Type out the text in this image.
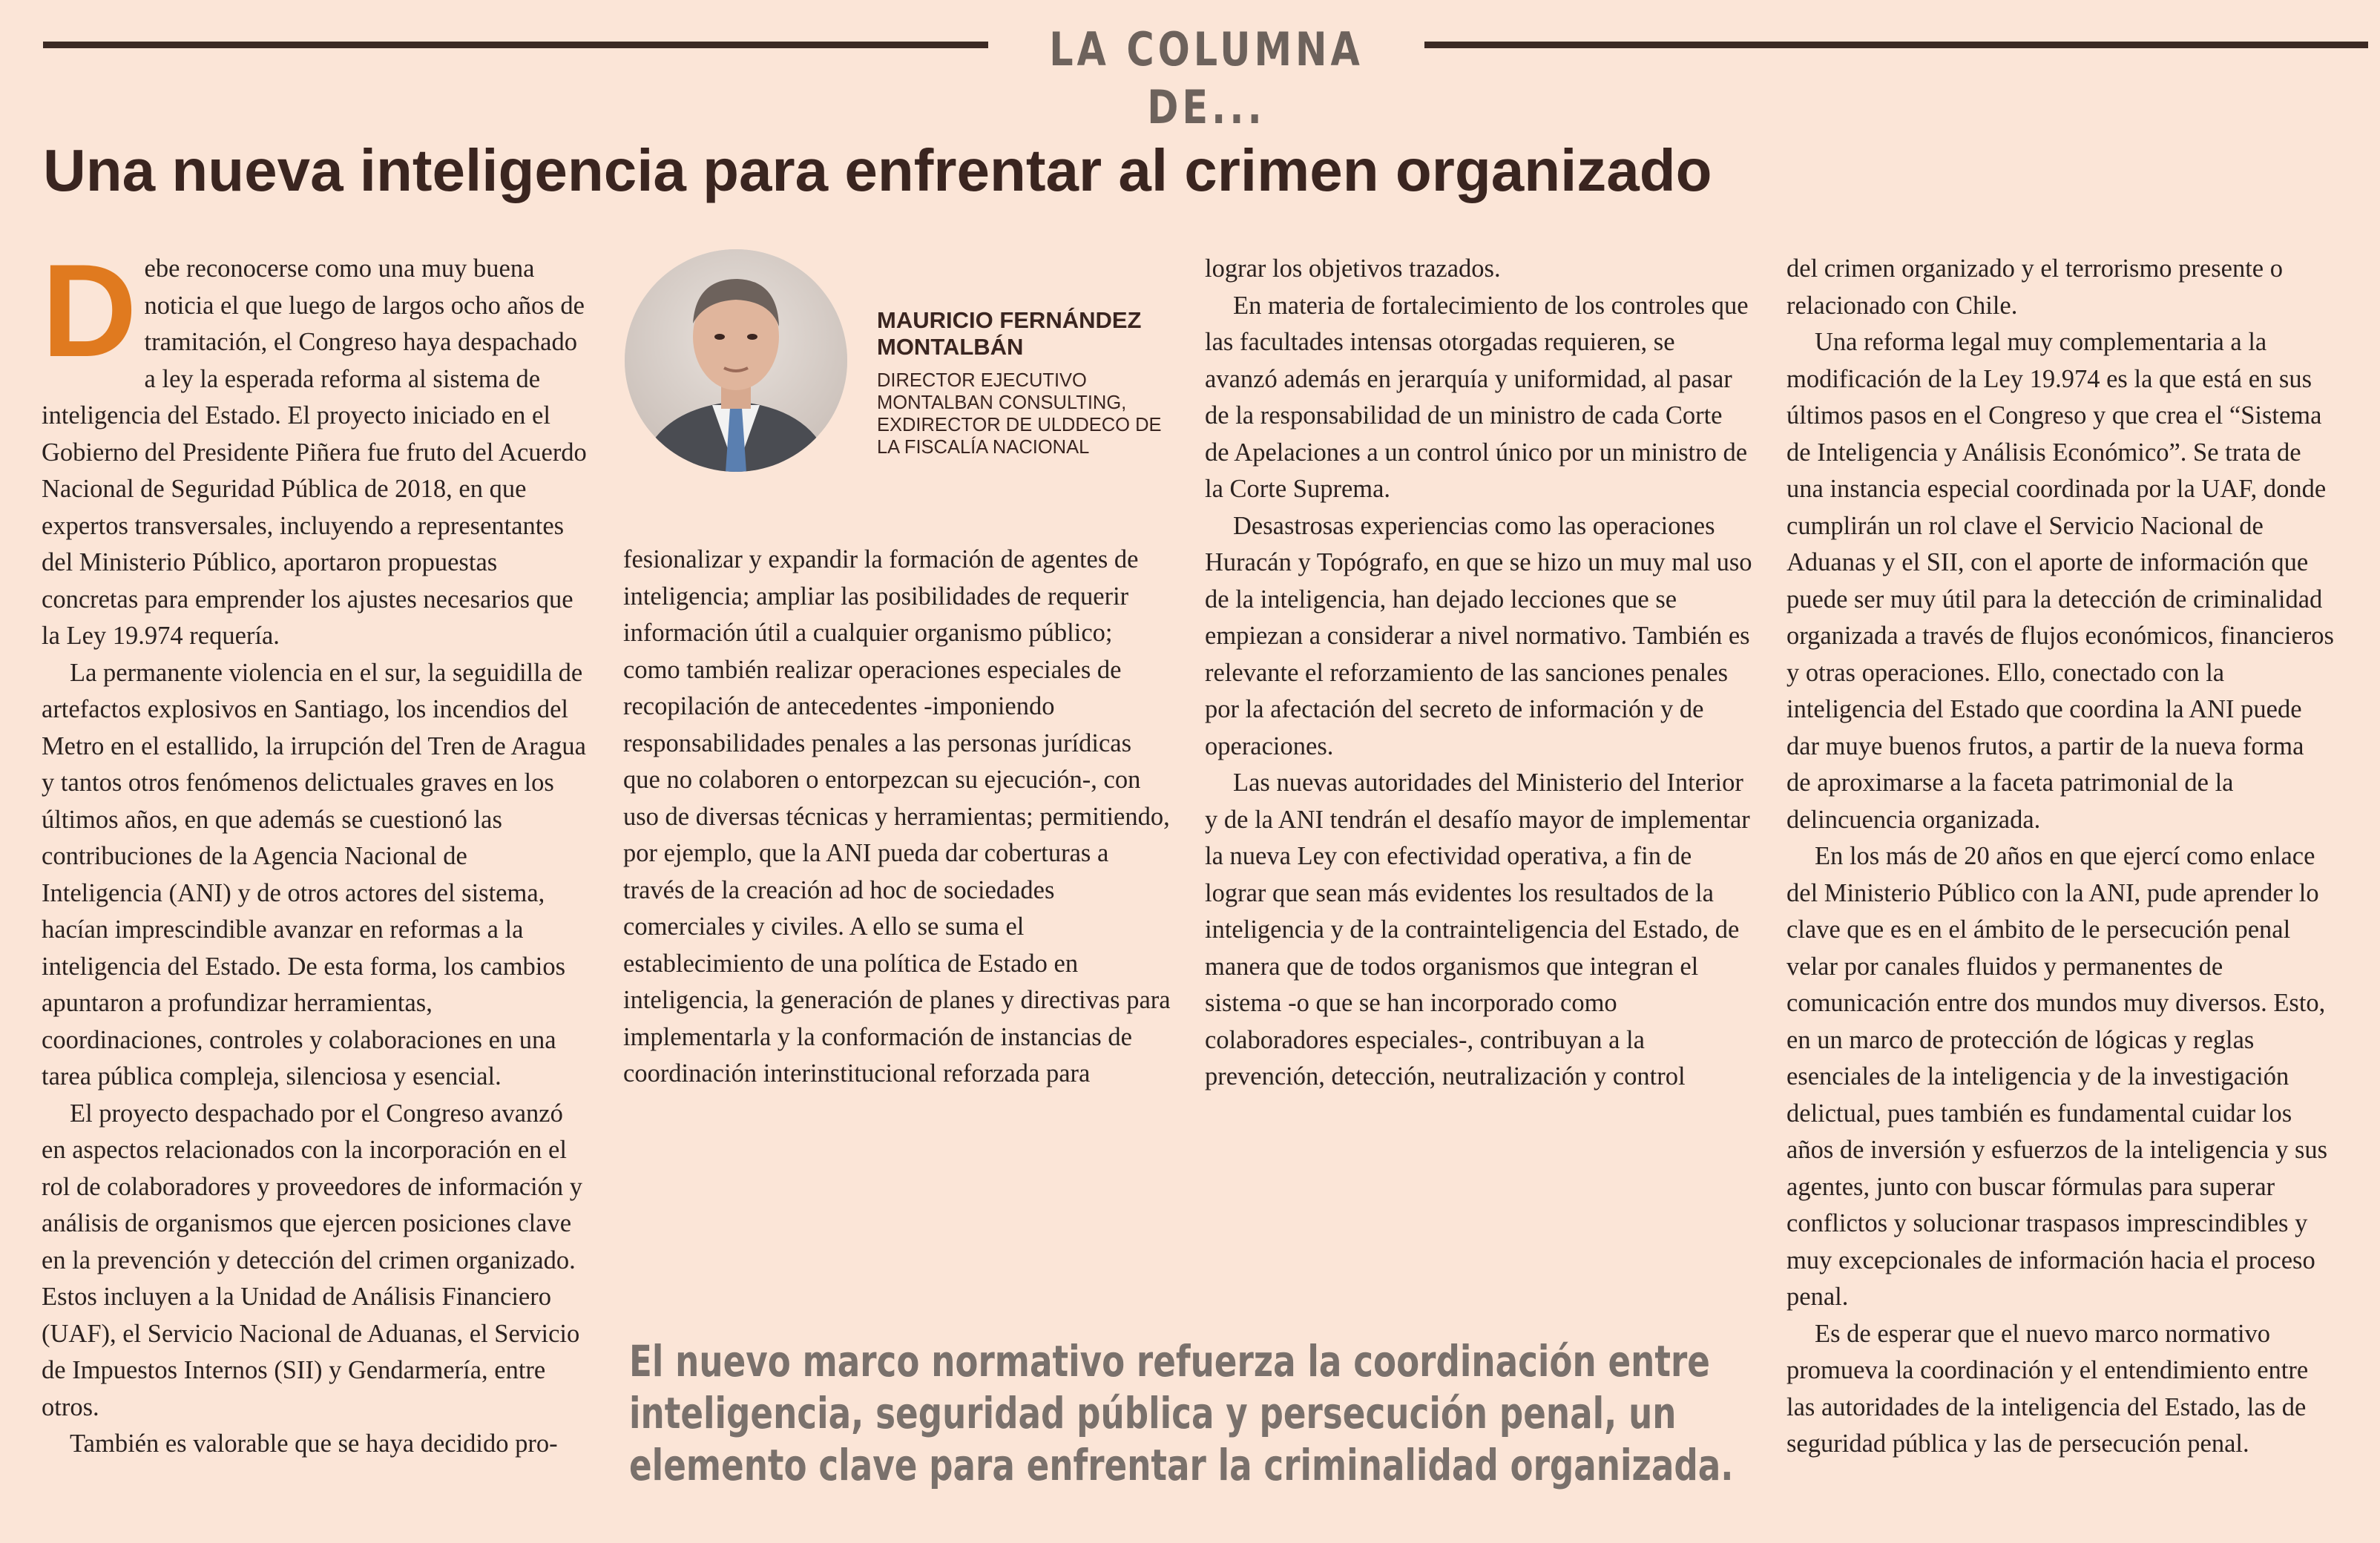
LA COLUMNA DE...
Una nueva inteligencia para enfrentar al crimen organizado
D ebe reconocerse como una muy buena noticia el que luego de largos ocho años de tramitación, el Congreso haya despachado a ley la esperada reforma al sistema de inteligencia del Estado. El proyecto iniciado en el Gobierno del Presidente Piñera fue fruto del Acuerdo Nacional de Seguridad Pública de 2018, en que expertos transversales, incluyendo a representantes del Ministerio Público, aportaron propuestas concretas para emprender los ajustes necesarios que la Ley 19.974 requería.

La permanente violencia en el sur, la seguidilla de artefactos explosivos en Santiago, los incendios del Metro en el estallido, la irrupción del Tren de Aragua y tantos otros fenómenos delictuales graves en los últimos años, en que además se cuestionó las contribuciones de la Agencia Nacional de Inteligencia (ANI) y de otros actores del sistema, hacían imprescindible avanzar en reformas a la inteligencia del Estado. De esta forma, los cambios apuntaron a profundizar herramientas, coordinaciones, controles y colaboraciones en una tarea pública compleja, silenciosa y esencial.

El proyecto despachado por el Congreso avanzó en aspectos relacionados con la incorporación en el rol de colaboradores y proveedores de información y análisis de organismos que ejercen posiciones clave en la prevención y detección del crimen organizado. Estos incluyen a la Unidad de Análisis Financiero (UAF), el Servicio Nacional de Aduanas, el Servicio de Impuestos Internos (SII) y Gendarmería, entre otros.

También es valorable que se haya decidido pro-

MAURICIO FERNÁNDEZ MONTALBÁN
DIRECTOR EJECUTIVO MONTALBAN CONSULTING, EXDIRECTOR DE ULDDECO DE LA FISCALÍA NACIONAL

fesionalizar y expandir la formación de agentes de inteligencia; ampliar las posibilidades de requerir información útil a cualquier organismo público; como también realizar operaciones especiales de recopilación de antecedentes -imponiendo responsabilidades penales a las personas jurídicas que no colaboren o entorpezcan su ejecución-, con uso de diversas técnicas y herramientas; permitiendo, por ejemplo, que la ANI pueda dar coberturas a través de la creación ad hoc de sociedades comerciales y civiles. A ello se suma el establecimiento de una política de Estado en inteligencia, la generación de planes y directivas para implementarla y la conformación de instancias de coordinación interinstitucional reforzada para

lograr los objetivos trazados.

En materia de fortalecimiento de los controles que las facultades intensas otorgadas requieren, se avanzó además en jerarquía y uniformidad, al pasar de la responsabilidad de un ministro de cada Corte de Apelaciones a un control único por un ministro de la Corte Suprema.

Desastrosas experiencias como las operaciones Huracán y Topógrafo, en que se hizo un muy mal uso de la inteligencia, han dejado lecciones que se empiezan a considerar a nivel normativo. También es relevante el reforzamiento de las sanciones penales por la afectación del secreto de información y de operaciones.

Las nuevas autoridades del Ministerio del Interior y de la ANI tendrán el desafío mayor de implementar la nueva Ley con efectividad operativa, a fin de lograr que sean más evidentes los resultados de la inteligencia y de la contrainteligencia del Estado, de manera que de todos organismos que integran el sistema -o que se han incorporado como colaboradores especiales-, contribuyan a la prevención, detección, neutralización y control

del crimen organizado y el terrorismo presente o relacionado con Chile.

Una reforma legal muy complementaria a la modificación de la Ley 19.974 es la que está en sus últimos pasos en el Congreso y que crea el “Sistema de Inteligencia y Análisis Económico”. Se trata de una instancia especial coordinada por la UAF, donde cumplirán un rol clave el Servicio Nacional de Aduanas y el SII, con el aporte de información que puede ser muy útil para la detección de criminalidad organizada a través de flujos económicos, financieros y otras operaciones. Ello, conectado con la inteligencia del Estado que coordina la ANI puede dar muye buenos frutos, a partir de la nueva forma de aproximarse a la faceta patrimonial de la delincuencia organizada.

En los más de 20 años en que ejercí como enlace del Ministerio Público con la ANI, pude aprender lo clave que es en el ámbito de le persecución penal velar por canales fluidos y permanentes de comunicación entre dos mundos muy diversos. Esto, en un marco de protección de lógicas y reglas esenciales de la inteligencia y de la investigación delictual, pues también es fundamental cuidar los años de inversión y esfuerzos de la inteligencia y sus agentes, junto con buscar fórmulas para superar conflictos y solucionar traspasos imprescindibles y muy excepcionales de información hacia el proceso penal.

Es de esperar que el nuevo marco normativo promueva la coordinación y el entendimiento entre las autoridades de la inteligencia del Estado, las de seguridad pública y las de persecución penal.

El nuevo marco normativo refuerza la coordinación entre inteligencia, seguridad pública y persecución penal, un elemento clave para enfrentar la criminalidad organizada.
